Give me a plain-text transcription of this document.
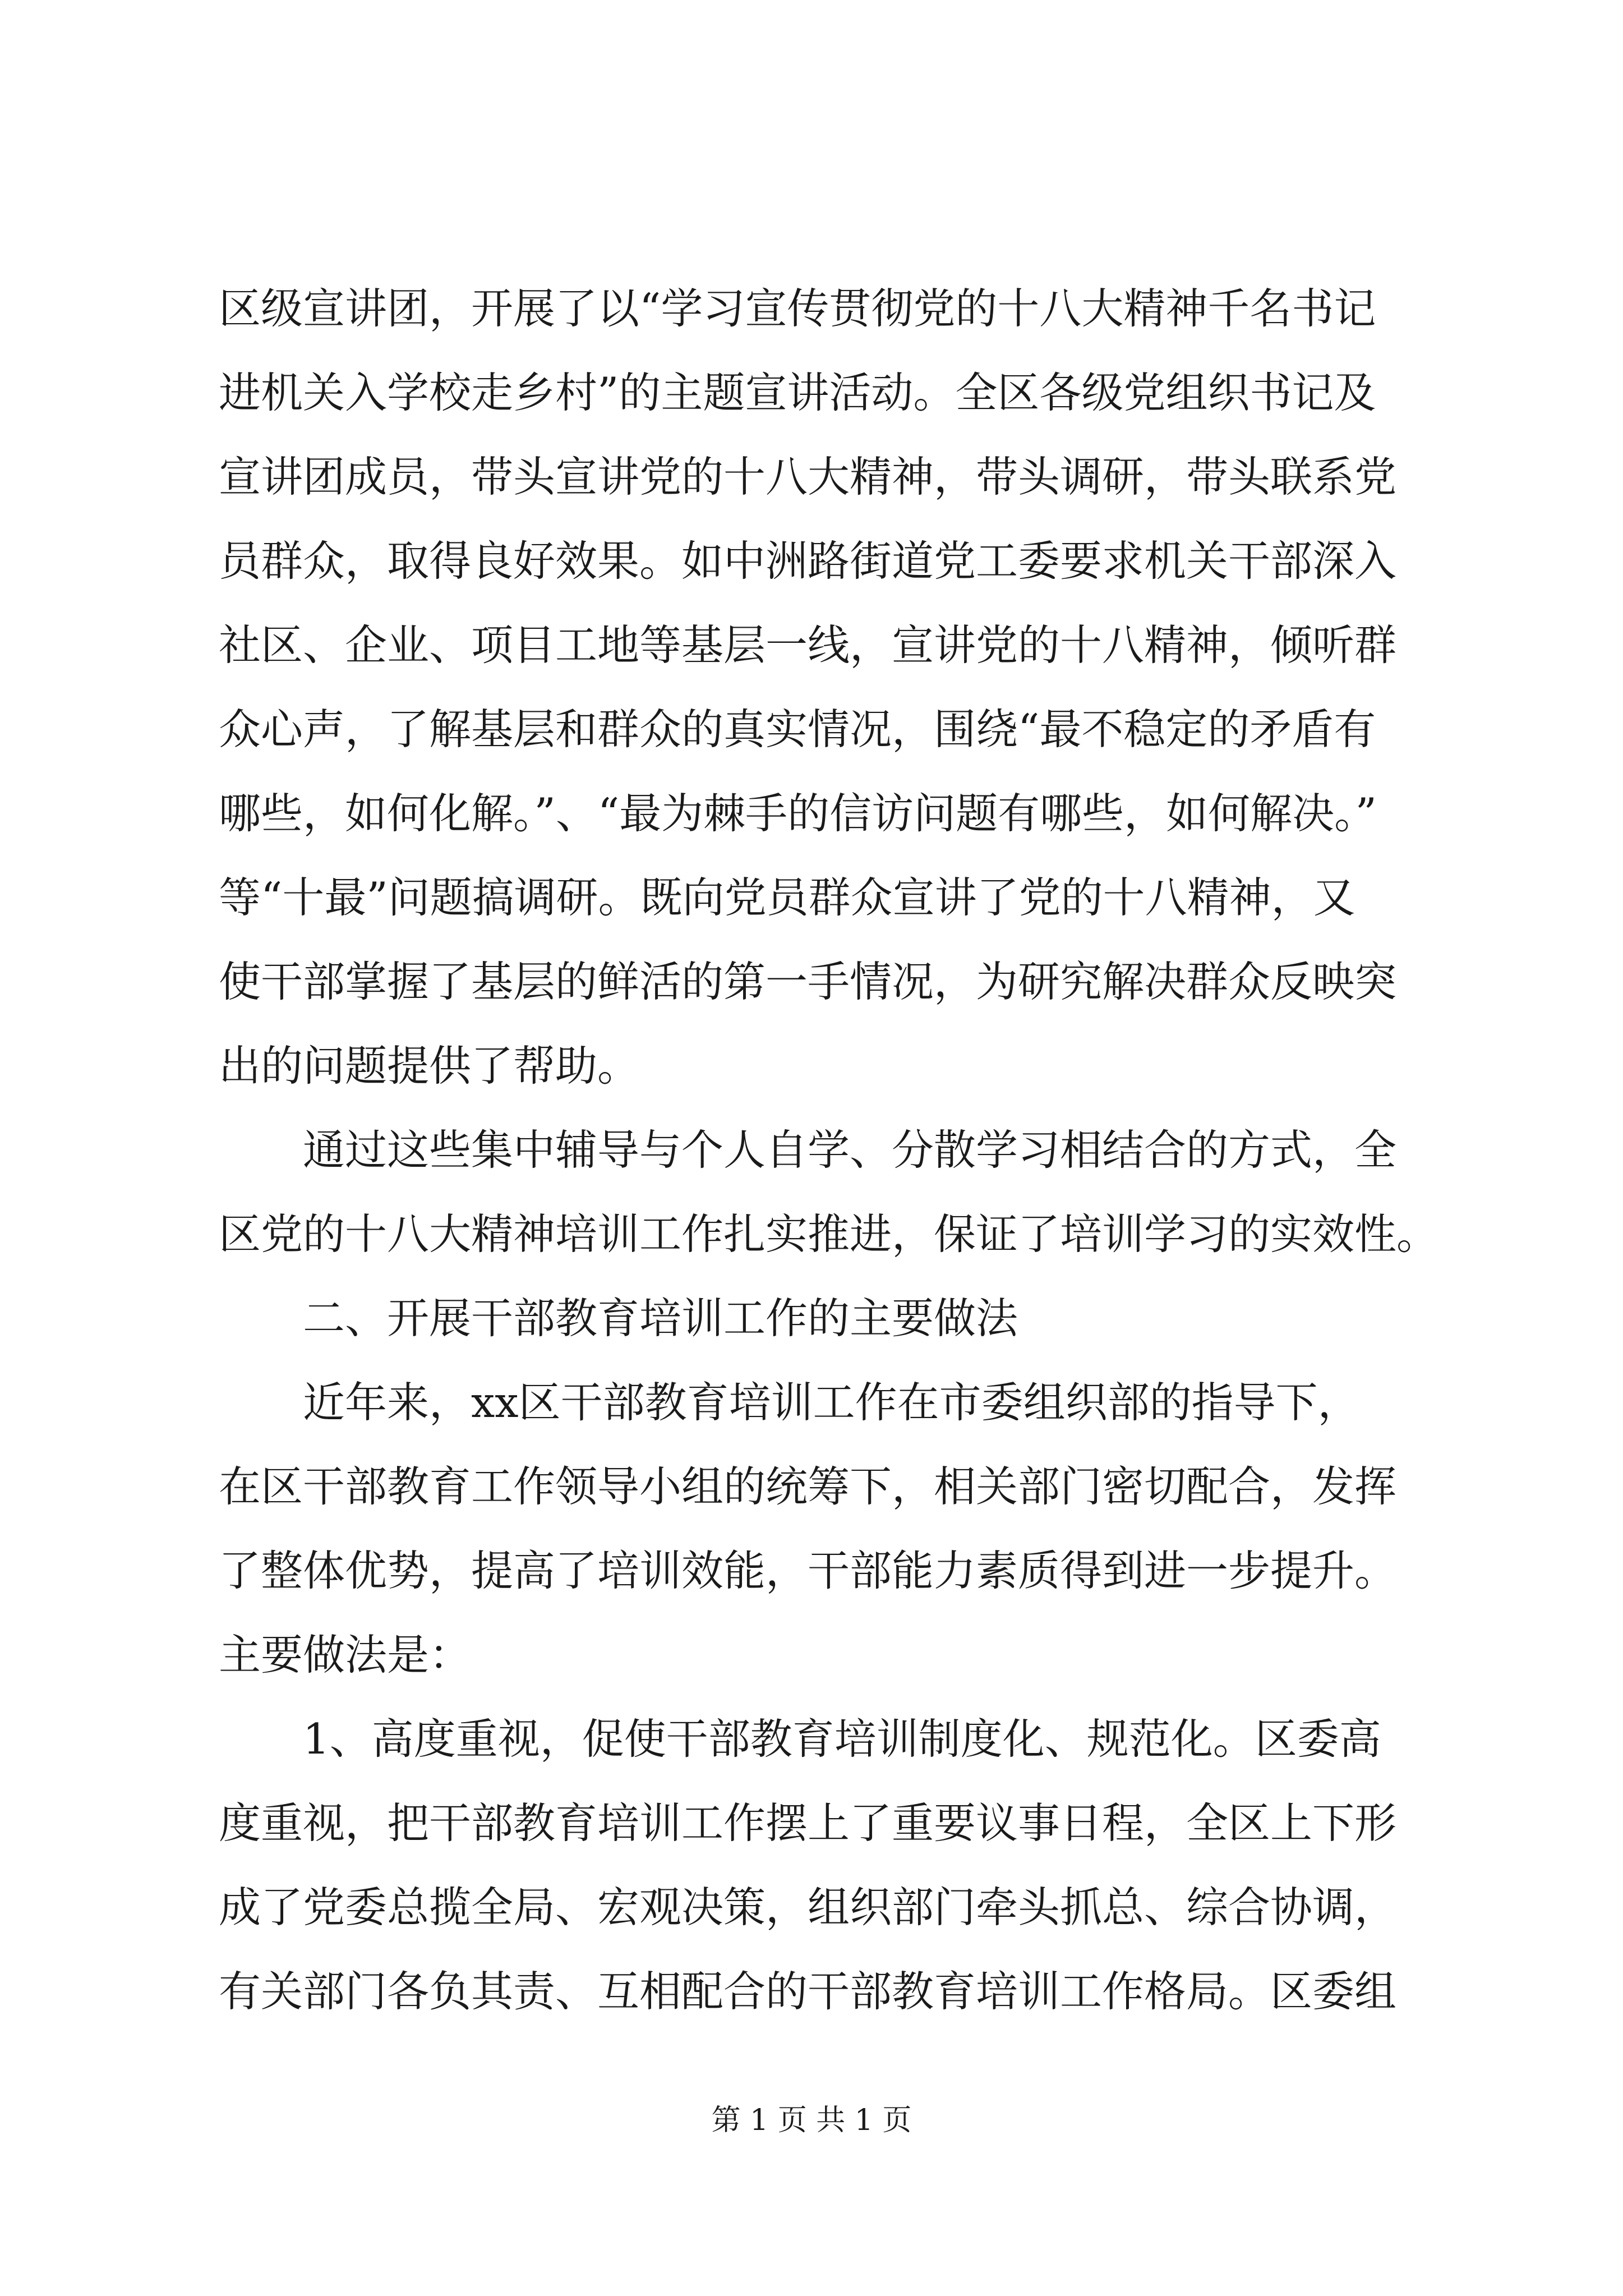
区级宣讲团，开展了以“学习宣传贯彻党的十八大精神千名书记
进机关入学校走乡村”的主题宣讲活动。全区各级党组织书记及
宣讲团成员，带头宣讲党的十八大精神，带头调研，带头联系党
员群众，取得良好效果。如中洲路街道党工委要求机关干部深入
社区、企业、项目工地等基层一线，宣讲党的十八精神，倾听群
众心声，了解基层和群众的真实情况，围绕“最不稳定的矛盾有
哪些，如何化解。”、“最为棘手的信访问题有哪些，如何解决。”
等“十最”问题搞调研。既向党员群众宣讲了党的十八精神，又
使干部掌握了基层的鲜活的第一手情况，为研究解决群众反映突
出的问题提供了帮助。
通过这些集中辅导与个人自学、分散学习相结合的方式，全
区党的十八大精神培训工作扎实推进，保证了培训学习的实效性。
二、开展干部教育培训工作的主要做法
近年来，xx区干部教育培训工作在市委组织部的指导下，
在区干部教育工作领导小组的统筹下，相关部门密切配合，发挥
了整体优势，提高了培训效能，干部能力素质得到进一步提升。
主要做法是：
1、高度重视，促使干部教育培训制度化、规范化。区委高
度重视，把干部教育培训工作摆上了重要议事日程，全区上下形
成了党委总揽全局、宏观决策，组织部门牵头抓总、综合协调，
有关部门各负其责、互相配合的干部教育培训工作格局。区委组
第 1 页 共 1 页
